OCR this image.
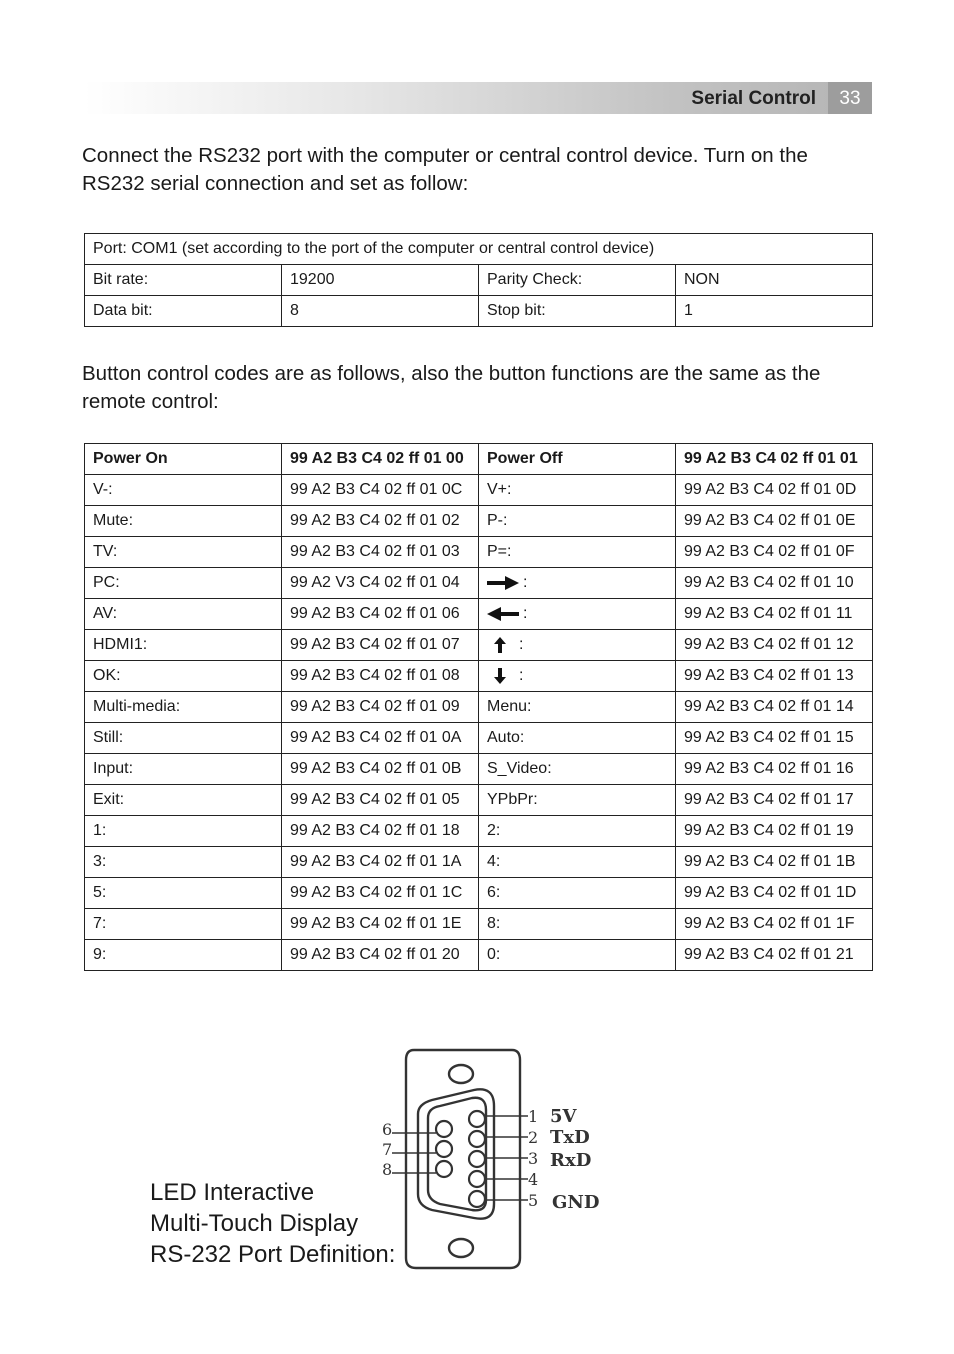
Serial Control	33

Connect the RS232 port with the computer or central control device. Turn on the RS232 serial connection and set as follow:

Port: COM1 (set according to the port of the computer or central control device)			
Bit rate:	19200	Parity Check:	NON
Data bit:	8	Stop bit:	1

Button control codes are as follows, also the button functions are the same as the remote control:

Power On	99 A2 B3 C4 02 ff 01 00	Power Off	99 A2 B3 C4 02 ff 01 01
V-:	99 A2 B3 C4 02 ff 01 0C	V+:	99 A2 B3 C4 02 ff 01 0D
Mute:	99 A2 B3 C4 02 ff 01 02	P-:	99 A2 B3 C4 02 ff 01 0E
TV:	99 A2 B3 C4 02 ff 01 03	P=:	99 A2 B3 C4 02 ff 01 0F
PC:	99 A2 V3 C4 02 ff 01 04	:	99 A2 B3 C4 02 ff 01 10
AV:	99 A2 B3 C4 02 ff 01 06	:	99 A2 B3 C4 02 ff 01 11
HDMI1:	99 A2 B3 C4 02 ff 01 07	:	99 A2 B3 C4 02 ff 01 12
OK:	99 A2 B3 C4 02 ff 01 08	:	99 A2 B3 C4 02 ff 01 13
Multi-media:	99 A2 B3 C4 02 ff 01 09	Menu:	99 A2 B3 C4 02 ff 01 14
Still:	99 A2 B3 C4 02 ff 01 0A	Auto:	99 A2 B3 C4 02 ff 01 15
Input:	99 A2 B3 C4 02 ff 01 0B	S_Video:	99 A2 B3 C4 02 ff 01 16
Exit:	99 A2 B3 C4 02 ff 01 05	YPbPr:	99 A2 B3 C4 02 ff 01 17
1:	99 A2 B3 C4 02 ff 01 18	2:	99 A2 B3 C4 02 ff 01 19
3:	99 A2 B3 C4 02 ff 01 1A	4:	99 A2 B3 C4 02 ff 01 1B
5:	99 A2 B3 C4 02 ff 01 1C	6:	99 A2 B3 C4 02 ff 01 1D
7:	99 A2 B3 C4 02 ff 01 1E	8:	99 A2 B3 C4 02 ff 01 1F
9:	99 A2 B3 C4 02 ff 01 20	0:	99 A2 B3 C4 02 ff 01 21
LED Interactive
Multi-Touch Display
RS-232 Port Definition:
1
2
3
4
5
6
7
8
5V
TxD
RxD
GND
